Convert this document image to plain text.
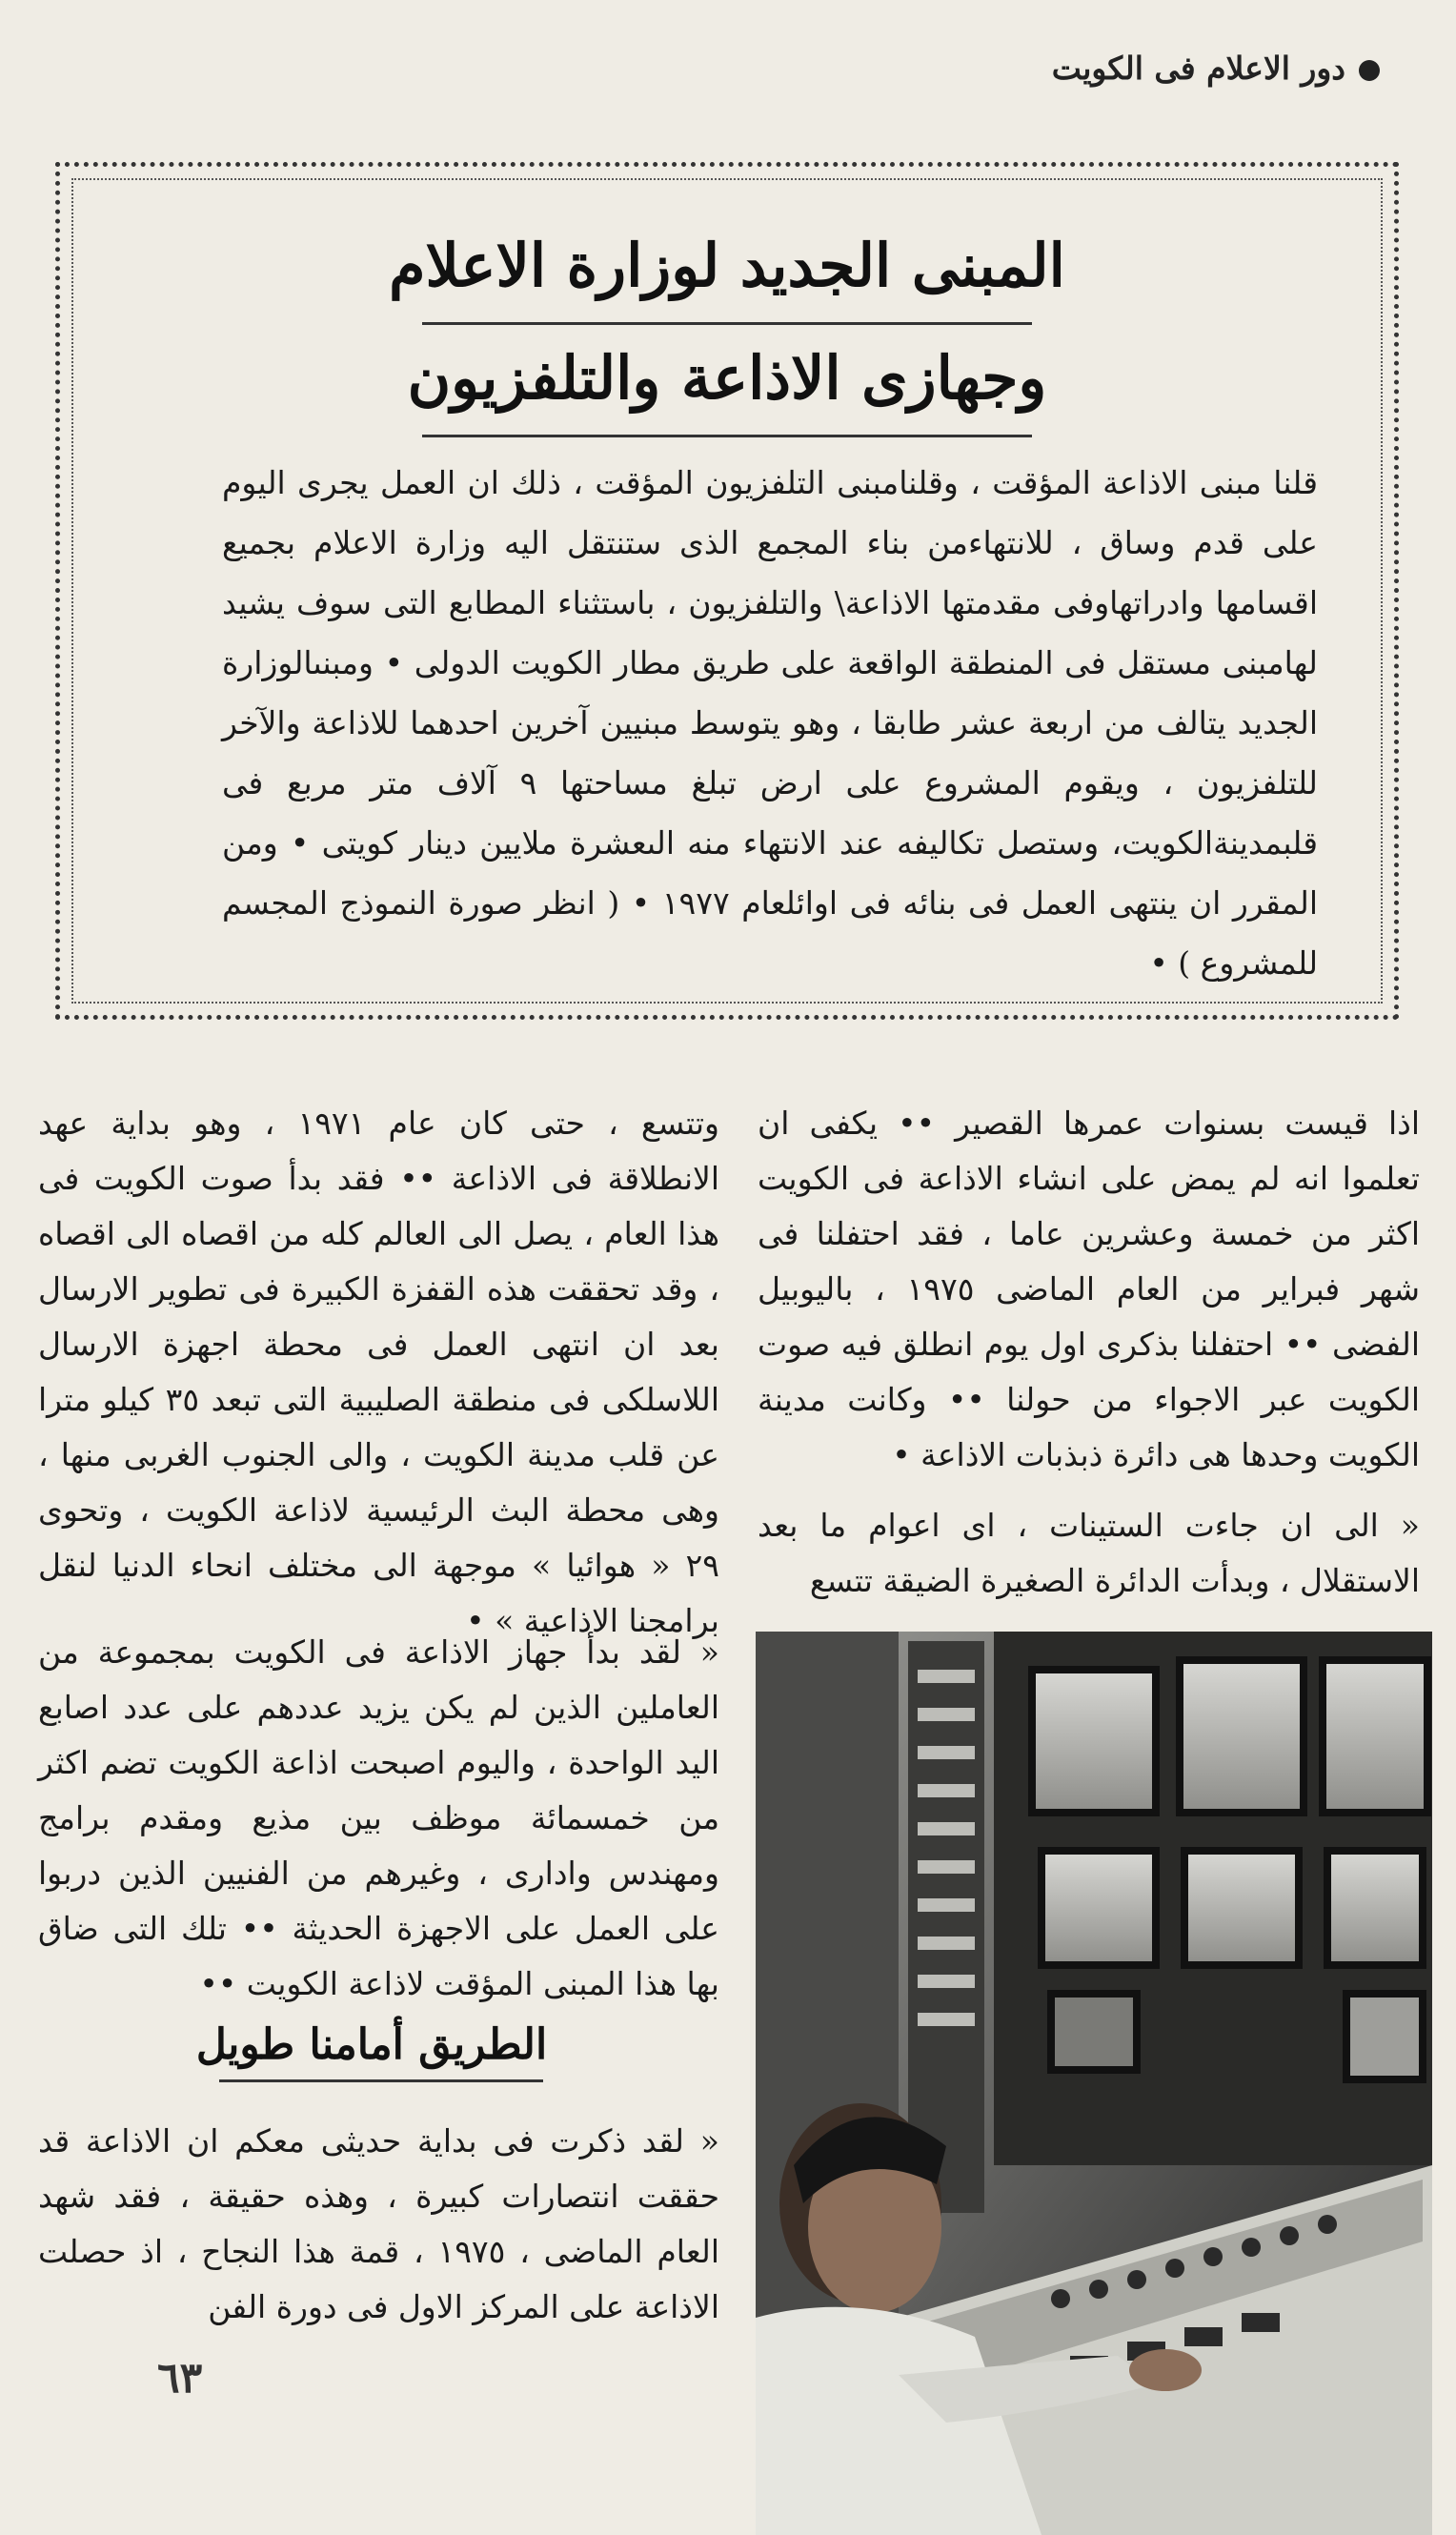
دور الاعلام فى الكويت
المبنى الجديد لوزارة الاعلام
وجهازى الاذاعة والتلفزيون
قلنا مبنى الاذاعة المؤقت ، وقلنامبنى التلفزيون المؤقت ، ذلك ان العمل يجرى اليوم على قدم وساق ، للانتهاءمن بناء المجمع الذى ستنتقل اليه وزارة الاعلام بجميع اقسامها وادراتهاوفى مقدمتها الاذاعة\ والتلفزيون ، باستثناء المطابع التى سوف يشيد لهامبنى مستقل فى المنطقة الواقعة على طريق مطار الكويت الدولى • ومبنىالوزارة الجديد يتالف من اربعة عشر طابقا ، وهو يتوسط مبنيين آخرين احدهما للاذاعة والآخر للتلفزيون ، ويقوم المشروع على ارض تبلغ مساحتها ٩ آلاف متر مربع فى قلبمدينةالكويت، وستصل تكاليفه عند الانتهاء منه الىعشرة ملايين دينار كويتى • ومن المقرر ان ينتهى العمل فى بنائه فى اوائلعام ١٩٧٧ • ( انظر صورة النموذج المجسم للمشروع ) •

اذا قيست بسنوات عمرها القصير •• يكفى ان تعلموا انه لم يمض على انشاء الاذاعة فى الكويت اكثر من خمسة وعشرين عاما ، فقد احتفلنا فى شهر فبراير من العام الماضى ١٩٧٥ ، باليوبيل الفضى •• احتفلنا بذكرى اول يوم انطلق فيه صوت الكويت عبر الاجواء من حولنا •• وكانت مدينة الكويت وحدها هى دائرة ذبذبات الاذاعة •

« الى ان جاءت الستينات ، اى اعوام ما بعد الاستقلال ، وبدأت الدائرة الصغيرة الضيقة تتسع

وتتسع ، حتى كان عام ١٩٧١ ، وهو بداية عهد الانطلاقة فى الاذاعة •• فقد بدأ صوت الكويت فى هذا العام ، يصل الى العالم كله من اقصاه الى اقصاه ، وقد تحققت هذه القفزة الكبيرة فى تطوير الارسال بعد ان انتهى العمل فى محطة اجهزة الارسال اللاسلكى فى منطقة الصليبية التى تبعد ٣٥ كيلو مترا عن قلب مدينة الكويت ، والى الجنوب الغربى منها ، وهى محطة البث الرئيسية لاذاعة الكويت ، وتحوى ٢٩ « هوائيا » موجهة الى مختلف انحاء الدنيا لنقل برامجنا الاذاعية » •

« لقد بدأ جهاز الاذاعة فى الكويت بمجموعة من العاملين الذين لم يكن يزيد عددهم على عدد اصابع اليد الواحدة ، واليوم اصبحت اذاعة الكويت تضم اكثر من خمسمائة موظف بين مذيع ومقدم برامج ومهندس وادارى ، وغيرهم من الفنيين الذين دربوا على العمل على الاجهزة الحديثة •• تلك التى ضاق بها هذا المبنى المؤقت لاذاعة الكويت ••

الطريق أمامنا طويل

« لقد ذكرت فى بداية حديثى معكم ان الاذاعة قد حققت انتصارات كبيرة ، وهذه حقيقة ، فقد شهد العام الماضى ، ١٩٧٥ ، قمة هذا النجاح ، اذ حصلت الاذاعة على المركز الاول فى دورة الفن

٦٣
